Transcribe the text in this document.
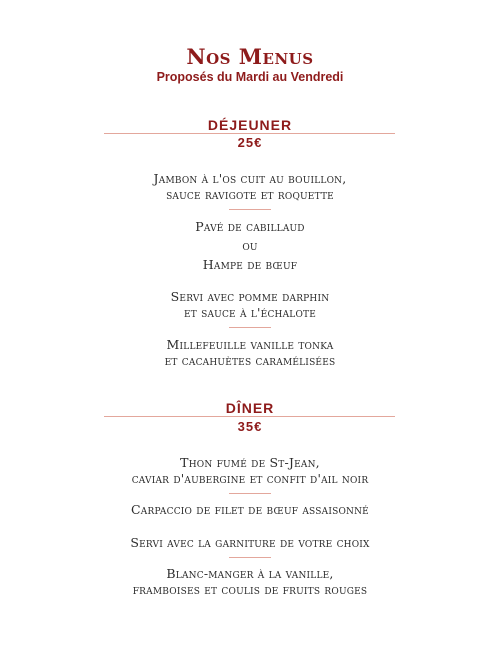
Nos Menus
Proposés du Mardi au Vendredi
DÉJEUNER
25€
Jambon à l'os cuit au bouillon,
sauce ravigote et roquette
Pavé de cabillaud
ou
Hampe de bœuf
Servi avec pomme darphin
et sauce à l'échalote
Millefeuille vanille tonka
et cacahuètes caramélisées
DÎNER
35€
Thon fumé de St-Jean,
caviar d'aubergine et confit d'ail noir
Carpaccio de filet de bœuf assaisonné
Servi avec la garniture de votre choix
Blanc-manger à la vanille,
framboises et coulis de fruits rouges
